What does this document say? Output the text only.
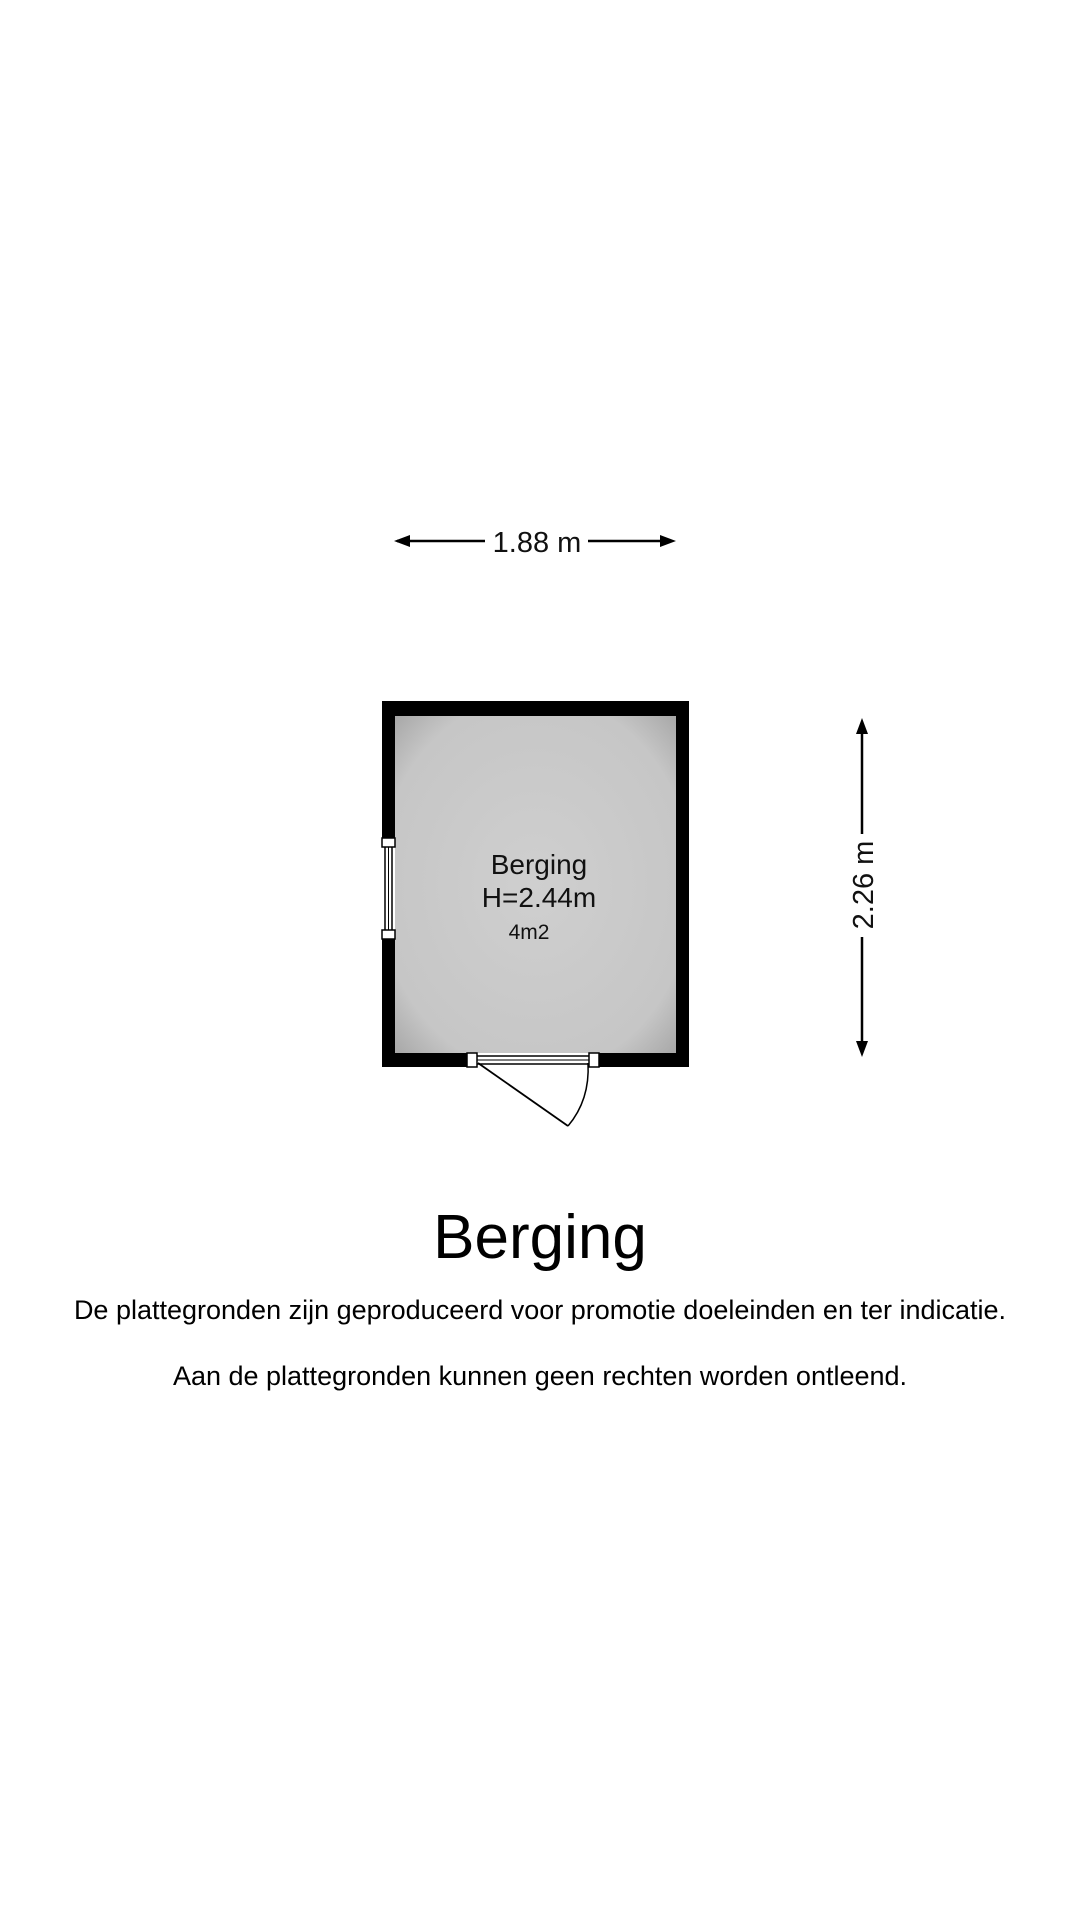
1.88 m
2.26 m
Berging
H=2.44m
4m2
Berging

De plattegronden zijn geproduceerd voor promotie doeleinden en ter indicatie.

Aan de plattegronden kunnen geen rechten worden ontleend.
